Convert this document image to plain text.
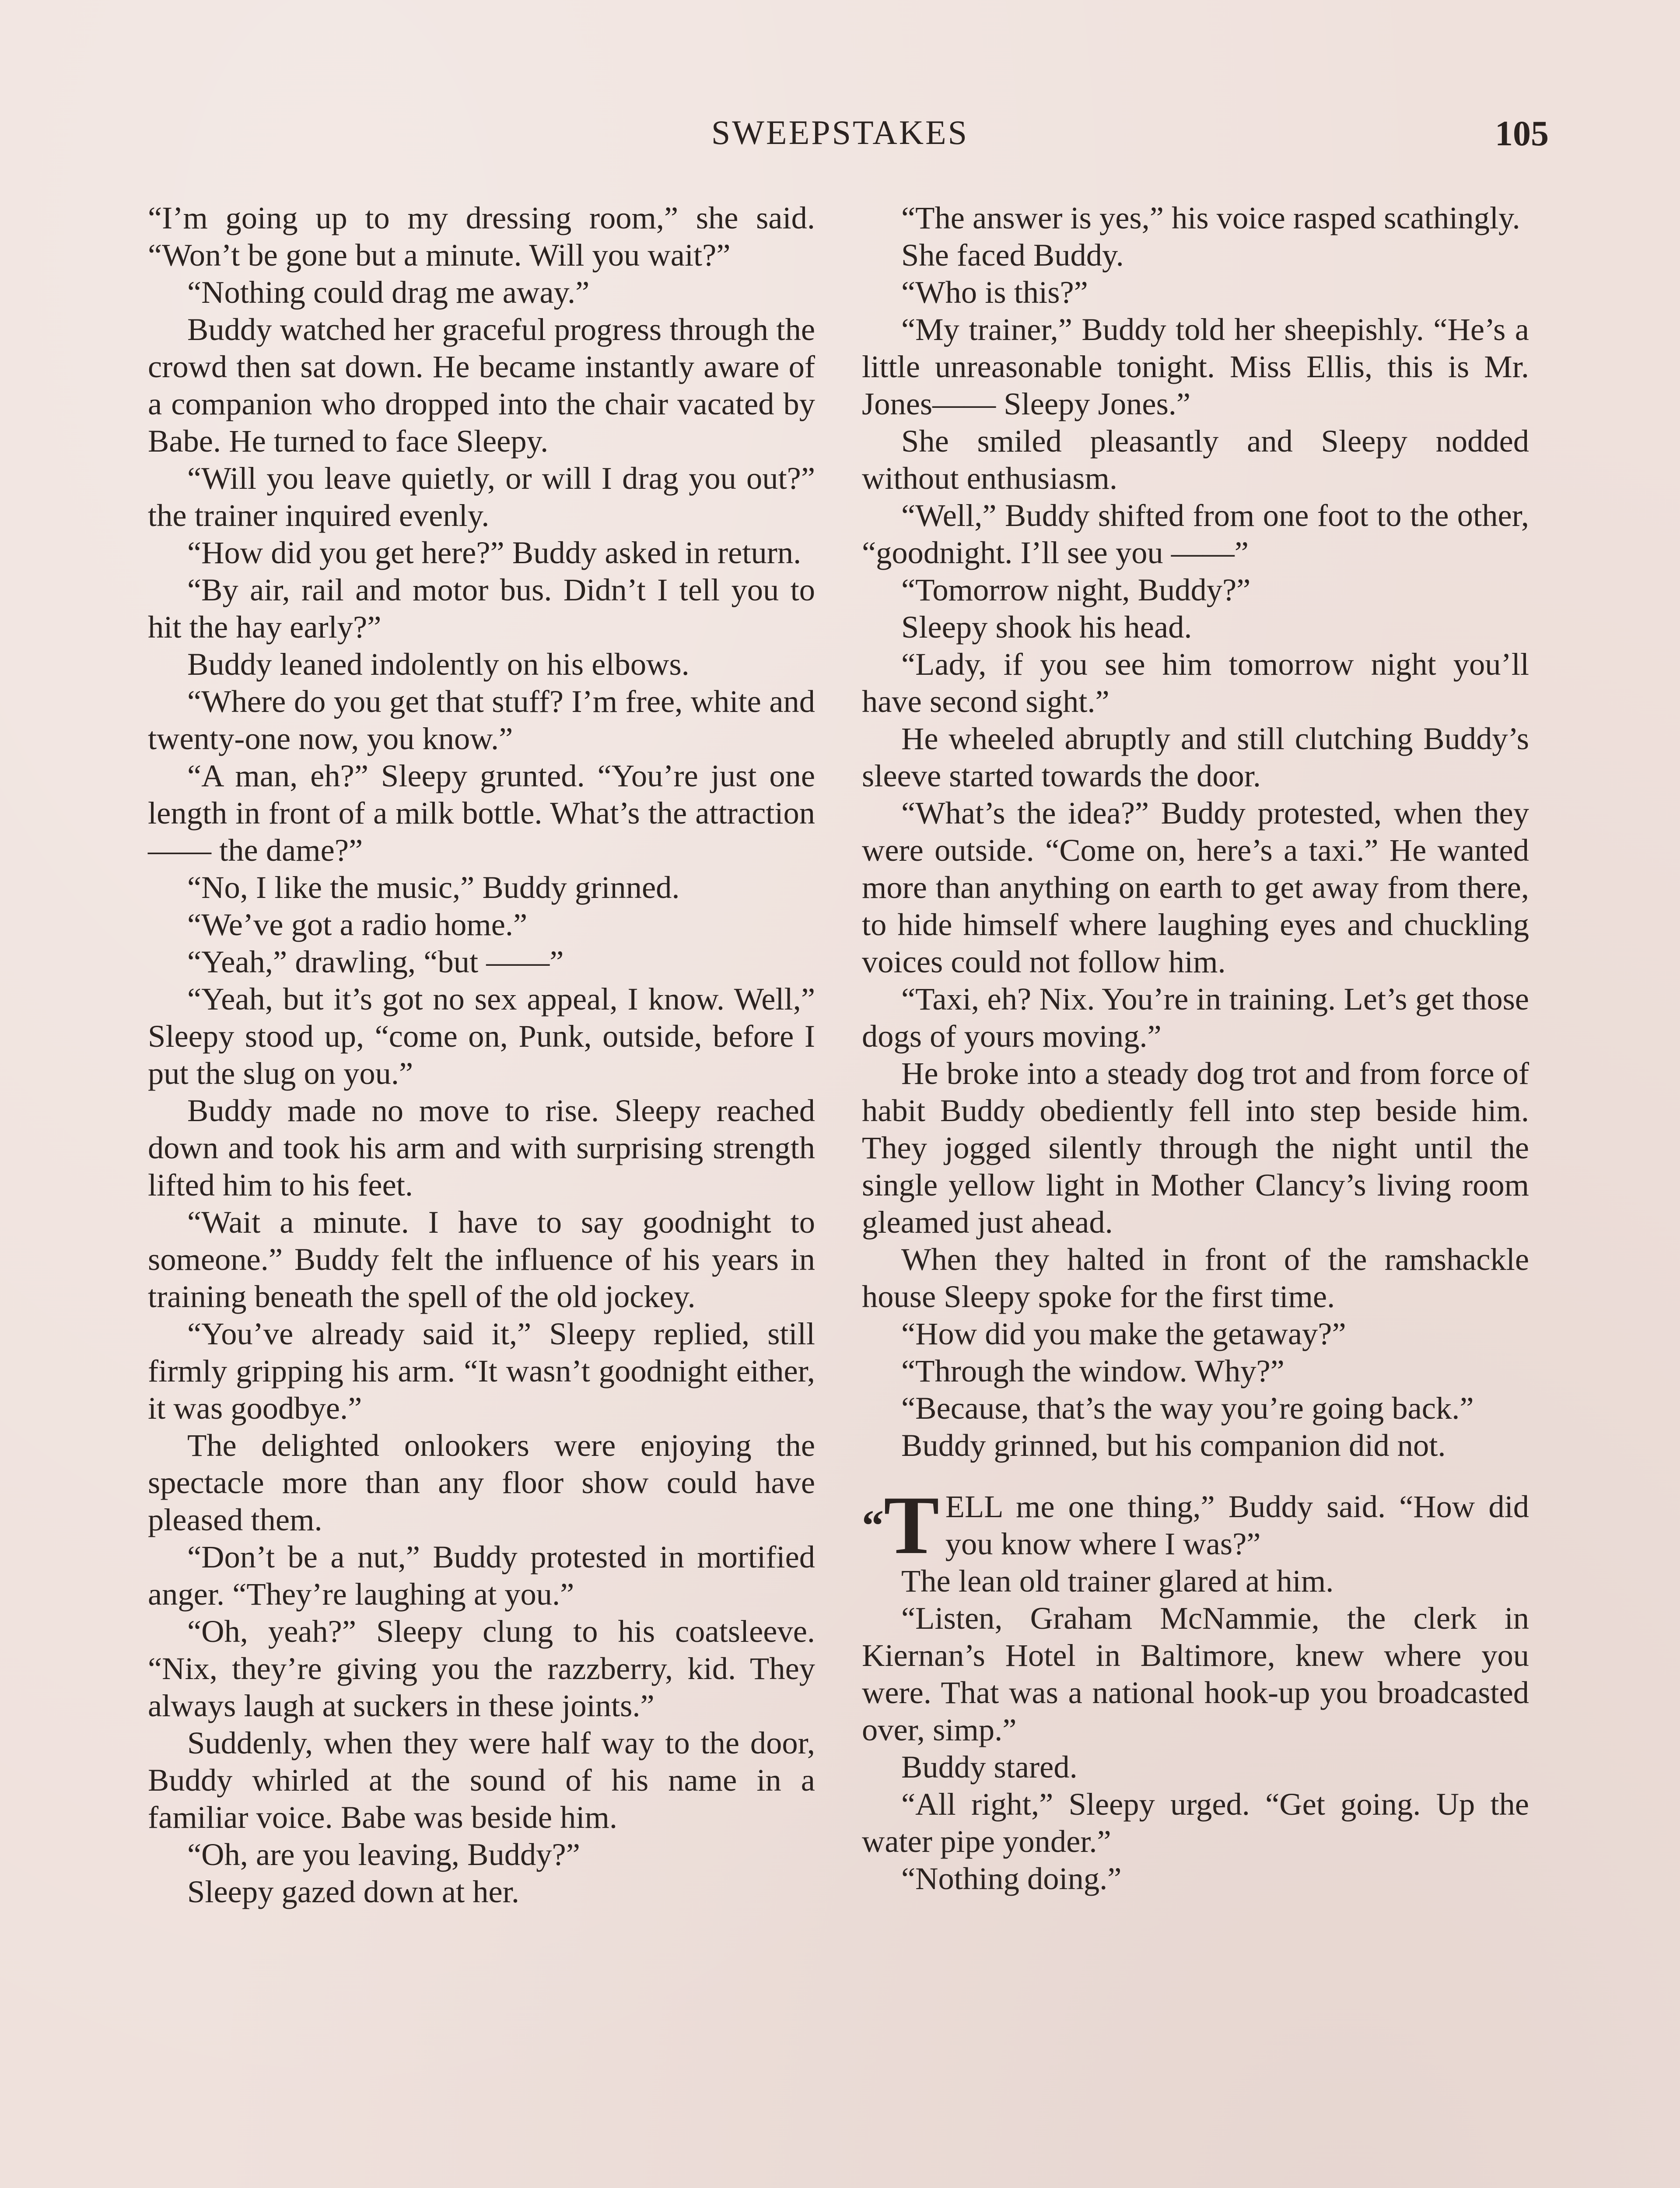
SWEEPSTAKES	105

“I’m going up to my dressing room,” she said. “Won’t be gone but a minute. Will you wait?”

“Nothing could drag me away.”

Buddy watched her graceful progress through the crowd then sat down. He became instantly aware of a companion who dropped into the chair vacated by Babe. He turned to face Sleepy.

“Will you leave quietly, or will I drag you out?” the trainer inquired evenly.

“How did you get here?” Buddy asked in return.

“By air, rail and motor bus. Didn’t I tell you to hit the hay early?”

Buddy leaned indolently on his elbows.

“Where do you get that stuff? I’m free, white and twenty-one now, you know.”

“A man, eh?” Sleepy grunted. “You’re just one length in front of a milk bottle. What’s the attraction—— the dame?”

“No, I like the music,” Buddy grinned.

“We’ve got a radio home.”

“Yeah,” drawling, “but ——”

“Yeah, but it’s got no sex appeal, I know. Well,” Sleepy stood up, “come on, Punk, outside, before I put the slug on you.”

Buddy made no move to rise. Sleepy reached down and took his arm and with surprising strength lifted him to his feet.

“Wait a minute. I have to say goodnight to someone.” Buddy felt the influence of his years in training beneath the spell of the old jockey.

“You’ve already said it,” Sleepy replied, still firmly gripping his arm. “It wasn’t goodnight either, it was goodbye.”

The delighted onlookers were enjoying the spectacle more than any floor show could have pleased them.

“Don’t be a nut,” Buddy protested in mortified anger. “They’re laughing at you.”

“Oh, yeah?” Sleepy clung to his coatsleeve. “Nix, they’re giving you the razzberry, kid. They always laugh at suckers in these joints.”

Suddenly, when they were half way to the door, Buddy whirled at the sound of his name in a familiar voice. Babe was beside him.

“Oh, are you leaving, Buddy?”

Sleepy gazed down at her.

“The answer is yes,” his voice rasped scathingly.

She faced Buddy.

“Who is this?”

“My trainer,” Buddy told her sheepishly. “He’s a little unreasonable tonight. Miss Ellis, this is Mr. Jones—— Sleepy Jones.”

She smiled pleasantly and Sleepy nodded without enthusiasm.

“Well,” Buddy shifted from one foot to the other, “goodnight. I’ll see you ——”

“Tomorrow night, Buddy?”

Sleepy shook his head.

“Lady, if you see him tomorrow night you’ll have second sight.”

He wheeled abruptly and still clutching Buddy’s sleeve started towards the door.

“What’s the idea?” Buddy protested, when they were outside. “Come on, here’s a taxi.” He wanted more than anything on earth to get away from there, to hide himself where laughing eyes and chuckling voices could not follow him.

“Taxi, eh? Nix. You’re in training. Let’s get those dogs of yours moving.”

He broke into a steady dog trot and from force of habit Buddy obediently fell into step beside him. They jogged silently through the night until the single yellow light in Mother Clancy’s living room gleamed just ahead.

When they halted in front of the ramshackle house Sleepy spoke for the first time.

“How did you make the getaway?”

“Through the window. Why?”

“Because, that’s the way you’re going back.”

Buddy grinned, but his companion did not.

“T ELL me one thing,” Buddy said. “How did you know where I was?”

The lean old trainer glared at him.

“Listen, Graham McNammie, the clerk in Kiernan’s Hotel in Baltimore, knew where you were. That was a national hook-up you broadcasted over, simp.”

Buddy stared.

“All right,” Sleepy urged. “Get going. Up the water pipe yonder.”

“Nothing doing.”
